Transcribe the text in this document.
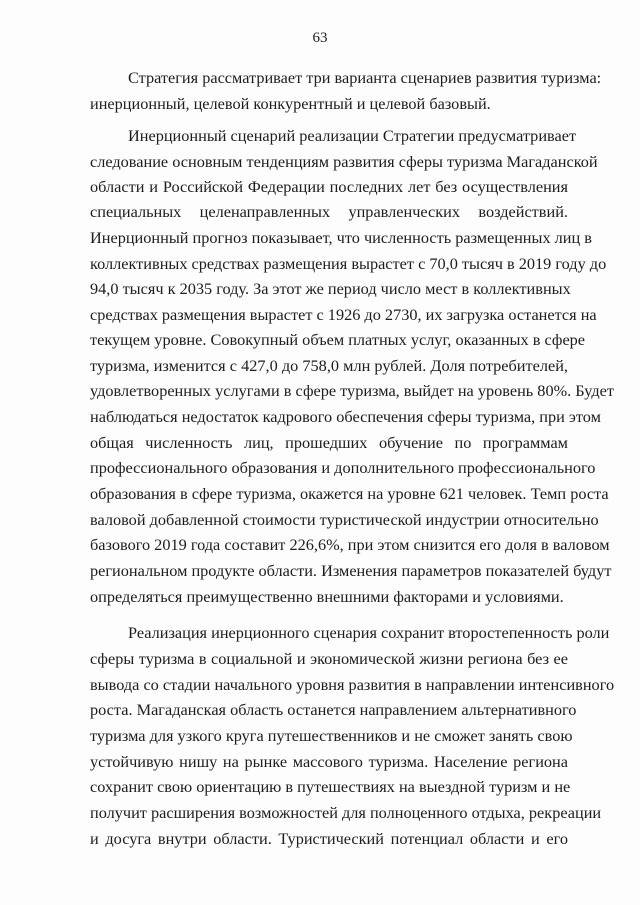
63
Стратегия рассматривает три варианта сценариев развития туризма:
инерционный, целевой конкурентный и целевой базовый.
Инерционный сценарий реализации Стратегии предусматривает
следование основным тенденциям развития сферы туризма Магаданской
области и Российской Федерации последних лет без осуществления
специальных целенаправленных управленческих воздействий.
Инерционный прогноз показывает, что численность размещенных лиц в
коллективных средствах размещения вырастет с 70,0 тысяч в 2019 году до
94,0 тысяч к 2035 году. За этот же период число мест в коллективных
средствах размещения вырастет с 1926 до 2730, их загрузка останется на
текущем уровне. Совокупный объем платных услуг, оказанных в сфере
туризма, изменится с 427,0 до 758,0 млн рублей. Доля потребителей,
удовлетворенных услугами в сфере туризма, выйдет на уровень 80%. Будет
наблюдаться недостаток кадрового обеспечения сферы туризма, при этом
общая численность лиц, прошедших обучение по программам
профессионального образования и дополнительного профессионального
образования в сфере туризма, окажется на уровне 621 человек. Темп роста
валовой добавленной стоимости туристической индустрии относительно
базового 2019 года составит 226,6%, при этом снизится его доля в валовом
региональном продукте области. Изменения параметров показателей будут
определяться преимущественно внешними факторами и условиями.
Реализация инерционного сценария сохранит второстепенность роли
сферы туризма в социальной и экономической жизни региона без ее
вывода со стадии начального уровня развития в направлении интенсивного
роста. Магаданская область останется направлением альтернативного
туризма для узкого круга путешественников и не сможет занять свою
устойчивую нишу на рынке массового туризма. Население региона
сохранит свою ориентацию в путешествиях на выездной туризм и не
получит расширения возможностей для полноценного отдыха, рекреации
и досуга внутри области. Туристический потенциал области и его
